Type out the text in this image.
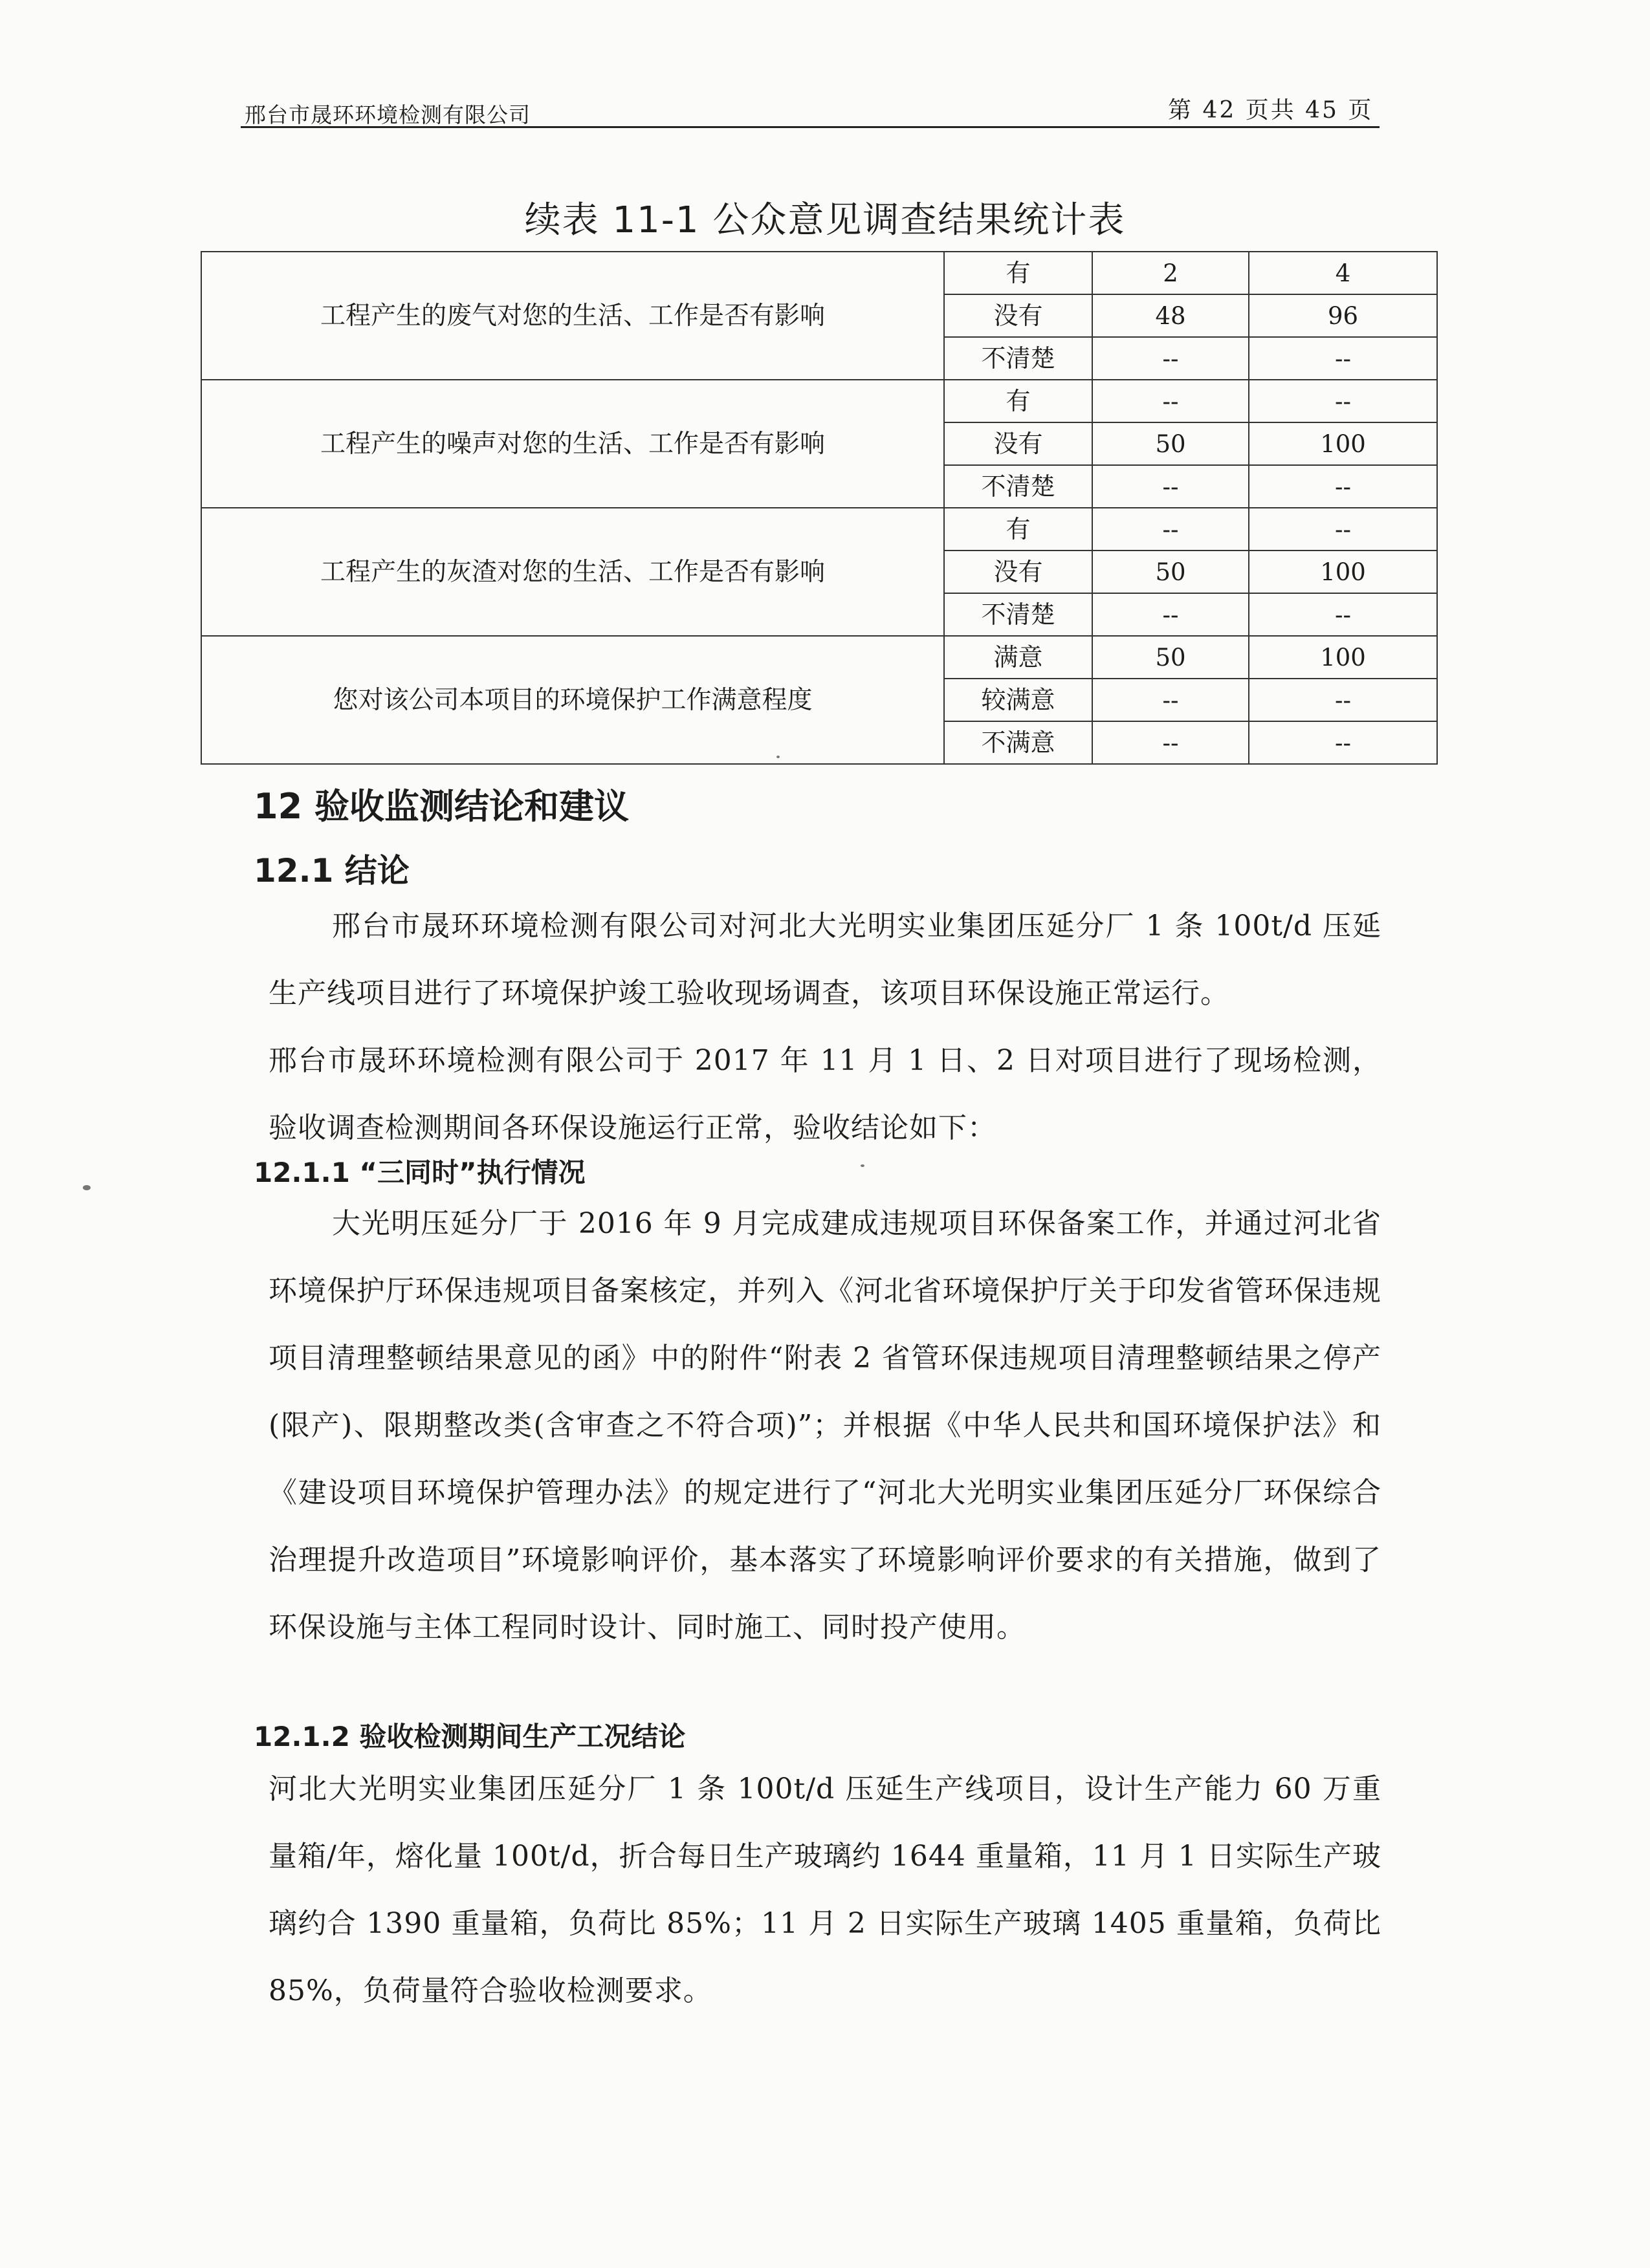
邢台市晟环环境检测有限公司	第 42 页共 45 页
续表 11-1 公众意见调查结果统计表
工程产生的废气对您的生活、工作是否有影响	有	2	4
	没有	48	96
	不清楚	--	--
工程产生的噪声对您的生活、工作是否有影响	有	--	--
	没有	50	100
	不清楚	--	--
工程产生的灰渣对您的生活、工作是否有影响	有	--	--
	没有	50	100
	不清楚	--	--
您对该公司本项目的环境保护工作满意程度	满意	50	100
	较满意	--	--
	不满意	--	--
12 验收监测结论和建议
12.1 结论
邢台市晟环环境检测有限公司对河北大光明实业集团压延分厂 1 条 100t/d 压延生产线项目进行了环境保护竣工验收现场调查，该项目环保设施正常运行。
邢台市晟环环境检测有限公司于 2017 年 11 月 1 日、2 日对项目进行了现场检测，验收调查检测期间各环保设施运行正常，验收结论如下：
12.1.1 “三同时”执行情况
大光明压延分厂于 2016 年 9 月完成建成违规项目环保备案工作，并通过河北省环境保护厅环保违规项目备案核定，并列入《河北省环境保护厅关于印发省管环保违规项目清理整顿结果意见的函》中的附件“附表 2 省管环保违规项目清理整顿结果之停产(限产)、限期整改类(含审查之不符合项)”；并根据《中华人民共和国环境保护法》和《建设项目环境保护管理办法》的规定进行了“河北大光明实业集团压延分厂环保综合治理提升改造项目”环境影响评价，基本落实了环境影响评价要求的有关措施，做到了环保设施与主体工程同时设计、同时施工、同时投产使用。
12.1.2 验收检测期间生产工况结论
河北大光明实业集团压延分厂 1 条 100t/d 压延生产线项目，设计生产能力 60 万重量箱/年，熔化量 100t/d，折合每日生产玻璃约 1644 重量箱，11 月 1 日实际生产玻璃约合 1390 重量箱，负荷比 85%；11 月 2 日实际生产玻璃 1405 重量箱，负荷比 85%，负荷量符合验收检测要求。
